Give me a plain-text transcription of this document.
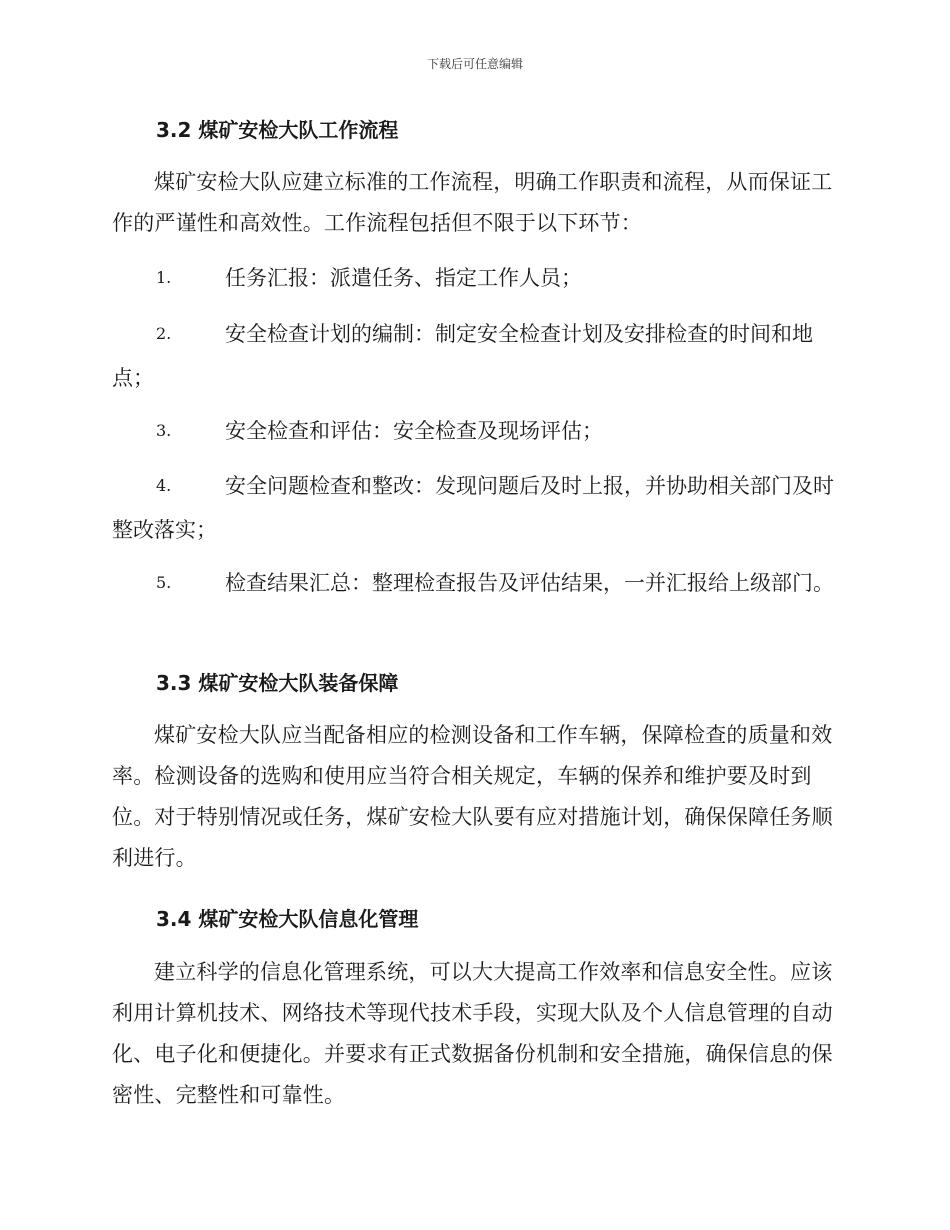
下载后可任意编辑
3.2 煤矿安检大队工作流程
煤矿安检大队应建立标准的工作流程，明确工作职责和流程，从而保证工作的严谨性和高效性。工作流程包括但不限于以下环节：
1.	任务汇报：派遣任务、指定工作人员；
2.	安全检查计划的编制：制定安全检查计划及安排检查的时间和地点；
3.	安全检查和评估：安全检查及现场评估；
4.	安全问题检查和整改：发现问题后及时上报，并协助相关部门及时整改落实；
5.	检查结果汇总：整理检查报告及评估结果，一并汇报给上级部门。
3.3 煤矿安检大队装备保障
煤矿安检大队应当配备相应的检测设备和工作车辆，保障检查的质量和效率。检测设备的选购和使用应当符合相关规定，车辆的保养和维护要及时到位。对于特别情况或任务，煤矿安检大队要有应对措施计划，确保保障任务顺利进行。
3.4 煤矿安检大队信息化管理
建立科学的信息化管理系统，可以大大提高工作效率和信息安全性。应该利用计算机技术、网络技术等现代技术手段，实现大队及个人信息管理的自动化、电子化和便捷化。并要求有正式数据备份机制和安全措施，确保信息的保密性、完整性和可靠性。
